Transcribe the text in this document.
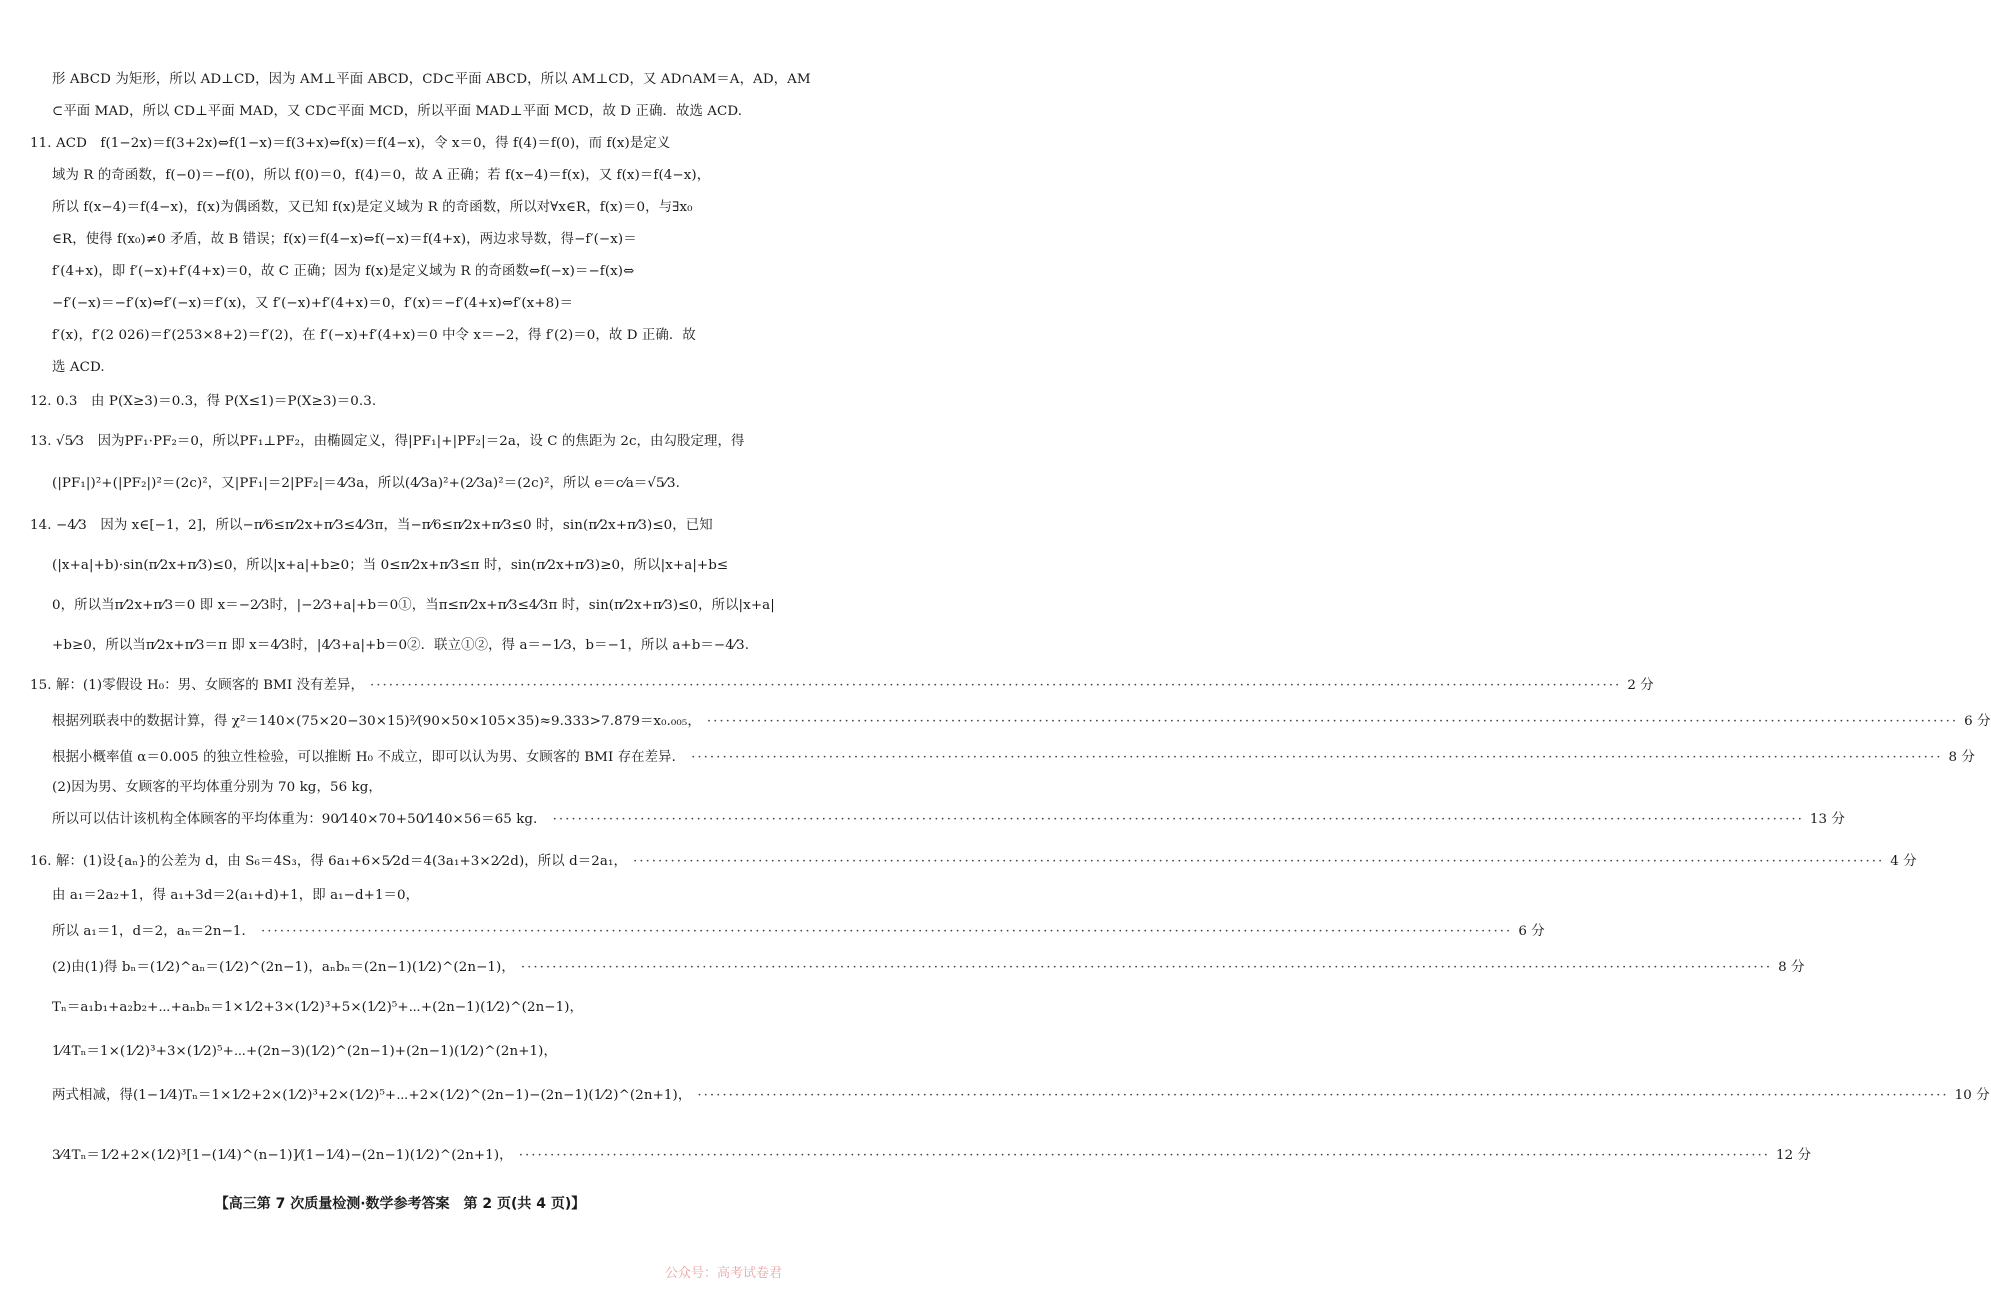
形 ABCD 为矩形，所以 AD⊥CD，因为 AM⊥平面 ABCD，CD⊂平面 ABCD，所以 AM⊥CD，又 AD∩AM＝A，AD，AM
⊂平面 MAD，所以 CD⊥平面 MAD，又 CD⊂平面 MCD，所以平面 MAD⊥平面 MCD，故 D 正确．故选 ACD.
11. ACD　f(1−2x)＝f(3+2x)⇔f(1−x)＝f(3+x)⇔f(x)＝f(4−x)，令 x＝0，得 f(4)＝f(0)，而 f(x)是定义
域为 R 的奇函数，f(−0)＝−f(0)，所以 f(0)＝0，f(4)＝0，故 A 正确；若 f(x−4)＝f(x)，又 f(x)＝f(4−x)，
所以 f(x−4)＝f(4−x)，f(x)为偶函数，又已知 f(x)是定义域为 R 的奇函数，所以对∀x∈R，f(x)＝0，与∃x₀
∈R，使得 f(x₀)≠0 矛盾，故 B 错误；f(x)＝f(4−x)⇔f(−x)＝f(4+x)，两边求导数，得−f′(−x)＝
f′(4+x)，即 f′(−x)+f′(4+x)＝0，故 C 正确；因为 f(x)是定义域为 R 的奇函数⇔f(−x)＝−f(x)⇔
−f′(−x)＝−f′(x)⇔f′(−x)＝f′(x)，又 f′(−x)+f′(4+x)＝0，f′(x)＝−f′(4+x)⇔f′(x+8)＝
f′(x)，f′(2 026)＝f′(253×8+2)＝f′(2)，在 f′(−x)+f′(4+x)＝0 中令 x＝−2，得 f′(2)＝0，故 D 正确．故
选 ACD.
12. 0.3　由 P(X≥3)＝0.3，得 P(X≤1)＝P(X≥3)＝0.3.
13. √5⁄3　因为PF₁·PF₂＝0，所以PF₁⊥PF₂，由椭圆定义，得|PF₁|+|PF₂|＝2a，设 C 的焦距为 2c，由勾股定理，得
(|PF₁|)²+(|PF₂|)²＝(2c)²，又|PF₁|＝2|PF₂|＝4⁄3a，所以(4⁄3a)²+(2⁄3a)²＝(2c)²，所以 e＝c⁄a＝√5⁄3.
14. −4⁄3　因为 x∈[−1，2]，所以−π⁄6≤π⁄2x+π⁄3≤4⁄3π，当−π⁄6≤π⁄2x+π⁄3≤0 时，sin(π⁄2x+π⁄3)≤0，已知
(|x+a|+b)·sin(π⁄2x+π⁄3)≤0，所以|x+a|+b≥0；当 0≤π⁄2x+π⁄3≤π 时，sin(π⁄2x+π⁄3)≥0，所以|x+a|+b≤
0，所以当π⁄2x+π⁄3＝0 即 x＝−2⁄3时，|−2⁄3+a|+b＝0①，当π≤π⁄2x+π⁄3≤4⁄3π 时，sin(π⁄2x+π⁄3)≤0，所以|x+a|
+b≥0，所以当π⁄2x+π⁄3＝π 即 x＝4⁄3时，|4⁄3+a|+b＝0②．联立①②，得 a＝−1⁄3，b＝−1，所以 a+b＝−4⁄3.
15. 解：(1)零假设 H₀：男、女顾客的 BMI 没有差异， ········································································································································································································ 2 分
根据列联表中的数据计算，得 χ²＝140×(75×20−30×15)²⁄(90×50×105×35)≈9.333>7.879＝x₀.₀₀₅， ········································································································································································································ 6 分
根据小概率值 α＝0.005 的独立性检验，可以推断 H₀ 不成立，即可以认为男、女顾客的 BMI 存在差异． ········································································································································································································ 8 分
所以可以估计该机构全体顾客的平均体重为：90⁄140×70+50⁄140×56＝65 kg． ········································································································································································································ 13 分
16. 解：(1)设{aₙ}的公差为 d，由 S₆＝4S₃，得 6a₁+6×5⁄2d＝4(3a₁+3×2⁄2d)，所以 d＝2a₁， ········································································································································································································ 4 分
所以 a₁＝1，d＝2，aₙ＝2n−1． ········································································································································································································ 6 分
(2)由(1)得 bₙ＝(1⁄2)^aₙ＝(1⁄2)^(2n−1)，aₙbₙ＝(2n−1)(1⁄2)^(2n−1)， ········································································································································································································ 8 分
两式相减，得(1−1⁄4)Tₙ＝1×1⁄2+2×(1⁄2)³+2×(1⁄2)⁵+⋯+2×(1⁄2)^(2n−1)−(2n−1)(1⁄2)^(2n+1)， ········································································································································································································ 10 分
3⁄4Tₙ＝1⁄2+2×(1⁄2)³[1−(1⁄4)^(n−1)]⁄(1−1⁄4)−(2n−1)(1⁄2)^(2n+1)， ········································································································································································································ 12 分
(2)因为男、女顾客的平均体重分别为 70 kg，56 kg，
由 a₁＝2a₂+1，得 a₁+3d＝2(a₁+d)+1，即 a₁−d+1＝0，
Tₙ＝a₁b₁+a₂b₂+⋯+aₙbₙ＝1×1⁄2+3×(1⁄2)³+5×(1⁄2)⁵+⋯+(2n−1)(1⁄2)^(2n−1)，
1⁄4Tₙ＝1×(1⁄2)³+3×(1⁄2)⁵+⋯+(2n−3)(1⁄2)^(2n−1)+(2n−1)(1⁄2)^(2n+1)，
【高三第 7 次质量检测·数学参考答案　第 2 页(共 4 页)】
公众号：高考试卷君
